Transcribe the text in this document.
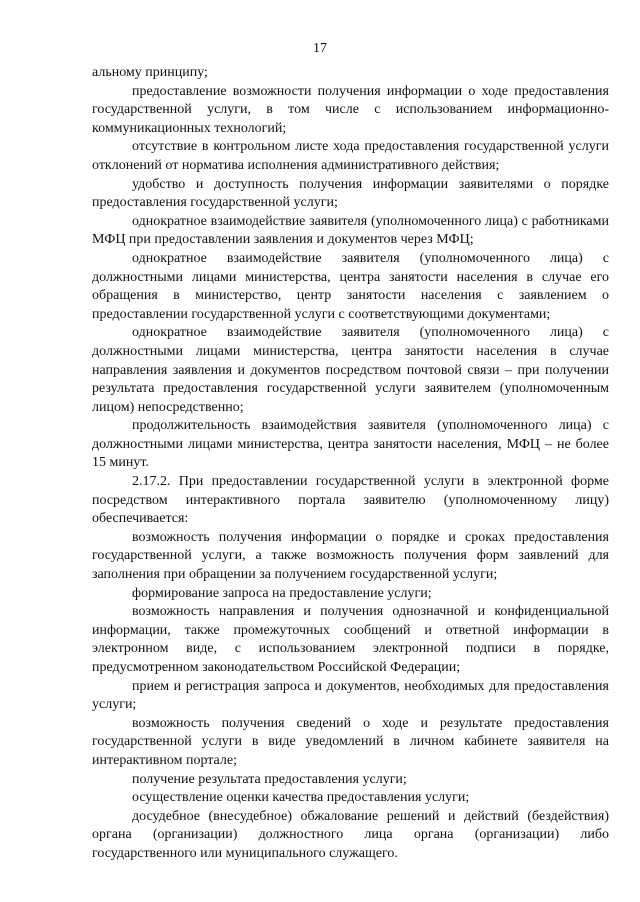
17

альному принципу;

предоставление возможности получения информации о ходе предоставления государственной услуги, в том числе с использованием информационно-коммуникационных технологий;

отсутствие в контрольном листе хода предоставления государственной услуги отклонений от норматива исполнения административного действия;

удобство и доступность получения информации заявителями о порядке предоставления государственной услуги;

однократное взаимодействие заявителя (уполномоченного лица) с работниками МФЦ при предоставлении заявления и документов через МФЦ;

однократное взаимодействие заявителя (уполномоченного лица) с должностными лицами министерства, центра занятости населения в случае его обращения в министерство, центр занятости населения с заявлением о предоставлении государственной услуги с соответствующими документами;

однократное взаимодействие заявителя (уполномоченного лица) с должностными лицами министерства, центра занятости населения в случае направления заявления и документов посредством почтовой связи – при получении результата предоставления государственной услуги заявителем (уполномоченным лицом) непосредственно;

продолжительность взаимодействия заявителя (уполномоченного лица) с должностными лицами министерства, центра занятости населения, МФЦ – не более 15 минут.

2.17.2. При предоставлении государственной услуги в электронной форме посредством интерактивного портала заявителю (уполномоченному лицу) обеспечивается:

возможность получения информации о порядке и сроках предоставления государственной услуги, а также возможность получения форм заявлений для заполнения при обращении за получением государственной услуги;

формирование запроса на предоставление услуги;

возможность направления и получения однозначной и конфиденциальной информации, также промежуточных сообщений и ответной информации в электронном виде, с использованием электронной подписи в порядке, предусмотренном законодательством Российской Федерации;

прием и регистрация запроса и документов, необходимых для предоставления услуги;

возможность получения сведений о ходе и результате предоставления государственной услуги в виде уведомлений в личном кабинете заявителя на интерактивном портале;

получение результата предоставления услуги;

осуществление оценки качества предоставления услуги;

досудебное (внесудебное) обжалование решений и действий (бездействия) органа (организации) должностного лица органа (организации) либо государственного или муниципального служащего.
